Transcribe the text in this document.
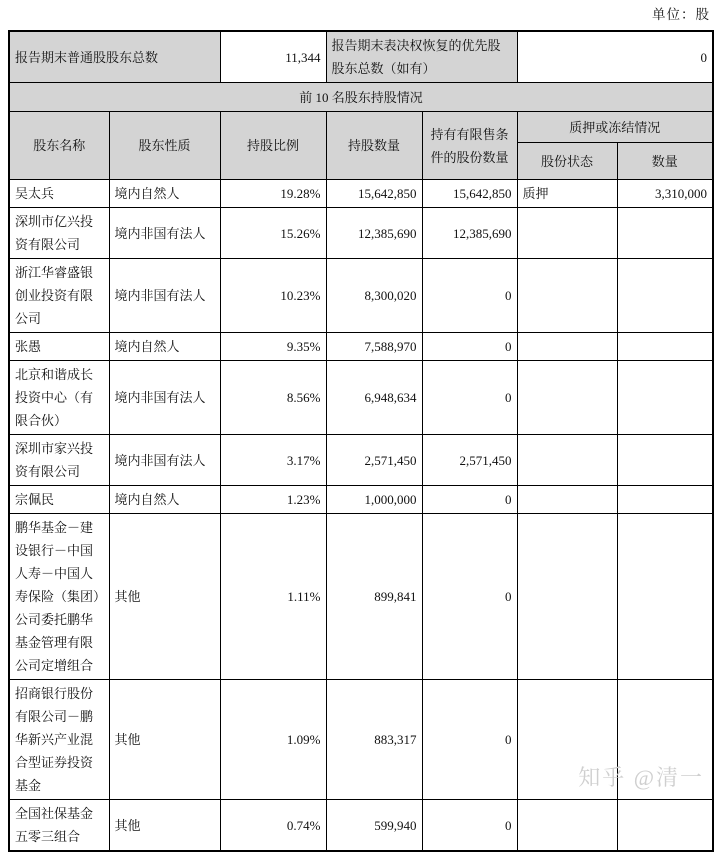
单位：股
报告期末普通股股东总数		11,344	报告期末表决权恢复的优先股股东总数（如有）		0	
前 10 名股东持股情况						
股东名称	股东性质	持股比例	持股数量	持有有限售条件的股份数量	质押或冻结情况	
					股份状态	数量
吴太兵	境内自然人	19.28%	15,642,850	15,642,850	质押	3,310,000
深圳市亿兴投资有限公司	境内非国有法人	15.26%	12,385,690	12,385,690		
浙江华睿盛银创业投资有限公司	境内非国有法人	10.23%	8,300,020	0		
张愚	境内自然人	9.35%	7,588,970	0		
北京和谐成长投资中心（有限合伙）	境内非国有法人	8.56%	6,948,634	0		
深圳市家兴投资有限公司	境内非国有法人	3.17%	2,571,450	2,571,450		
宗佩民	境内自然人	1.23%	1,000,000	0		
鹏华基金－建设银行－中国人寿－中国人寿保险（集团）公司委托鹏华基金管理有限公司定增组合	其他	1.11%	899,841	0		
招商银行股份有限公司－鹏华新兴产业混合型证券投资基金	其他	1.09%	883,317	0		
全国社保基金五零三组合	其他	0.74%	599,940	0		
知乎 @清一
